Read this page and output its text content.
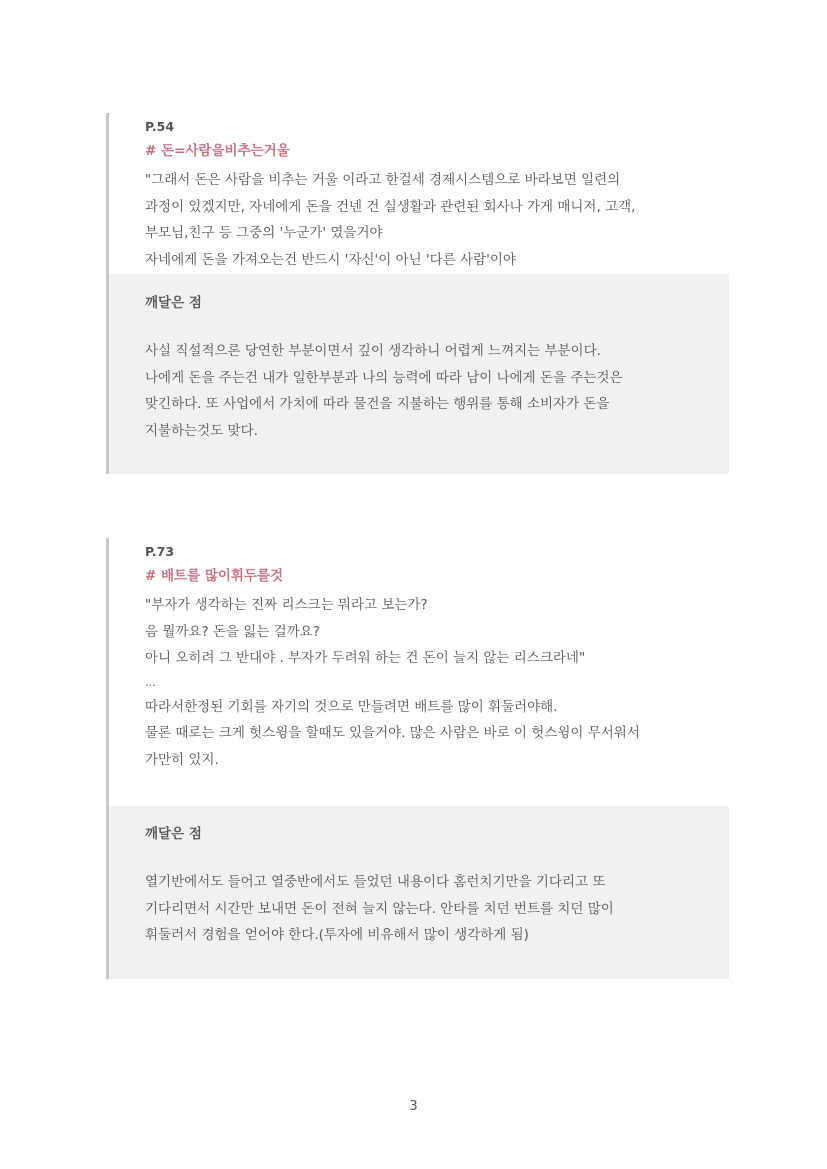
P.54
# 돈=사람을비추는거울
"그래서 돈은 사람을 비추는 거울 이라고 한걸세 경제시스템으로 바라보면 일련의
과정이 있겠지만, 자네에게 돈을 건넨 건 실생활과 관련된 회사나 가게 매니저, 고객,
부모님,친구 등 그중의 '누군가' 였을거야
자네에게 돈을 가져오는건 반드시 '자신'이 아닌 '다른 사람'이야
깨달은 점
사실 직설적으론 당연한 부분이면서 깊이 생각하니 어렵게 느껴지는 부분이다.
나에게 돈을 주는건 내가 일한부분과 나의 능력에 따라 남이 나에게 돈을 주는것은
맞긴하다. 또 사업에서 가치에 따라 물건을 지불하는 행위를 통해 소비자가 돈을
지불하는것도 맞다.
P.73
# 배트를 많이휘두를것
"부자가 생각하는 진짜 리스크는 뭐라고 보는가?
음 뭘까요? 돈을 잃는 걸까요?
아니 오히려 그 반대야 . 부자가 두려워 하는 건 돈이 늘지 않는 리스크라네"
...
따라서한정된 기회를 자기의 것으로 만들려면 배트를 많이 휘둘러야해.
물론 때로는 크게 헛스윙을 할때도 있을거야. 많은 사람은 바로 이 헛스윙이 무서워서
가만히 있지.
깨달은 점
열기반에서도 들어고 열중반에서도 들었던 내용이다 홈런치기만을 기다리고 또
기다리면서 시간만 보내면 돈이 전혀 늘지 않는다. 안타를 치던 번트를 치던 많이
휘둘러서 경험을 얻어야 한다.(투자에 비유해서 많이 생각하게 됨)
3
